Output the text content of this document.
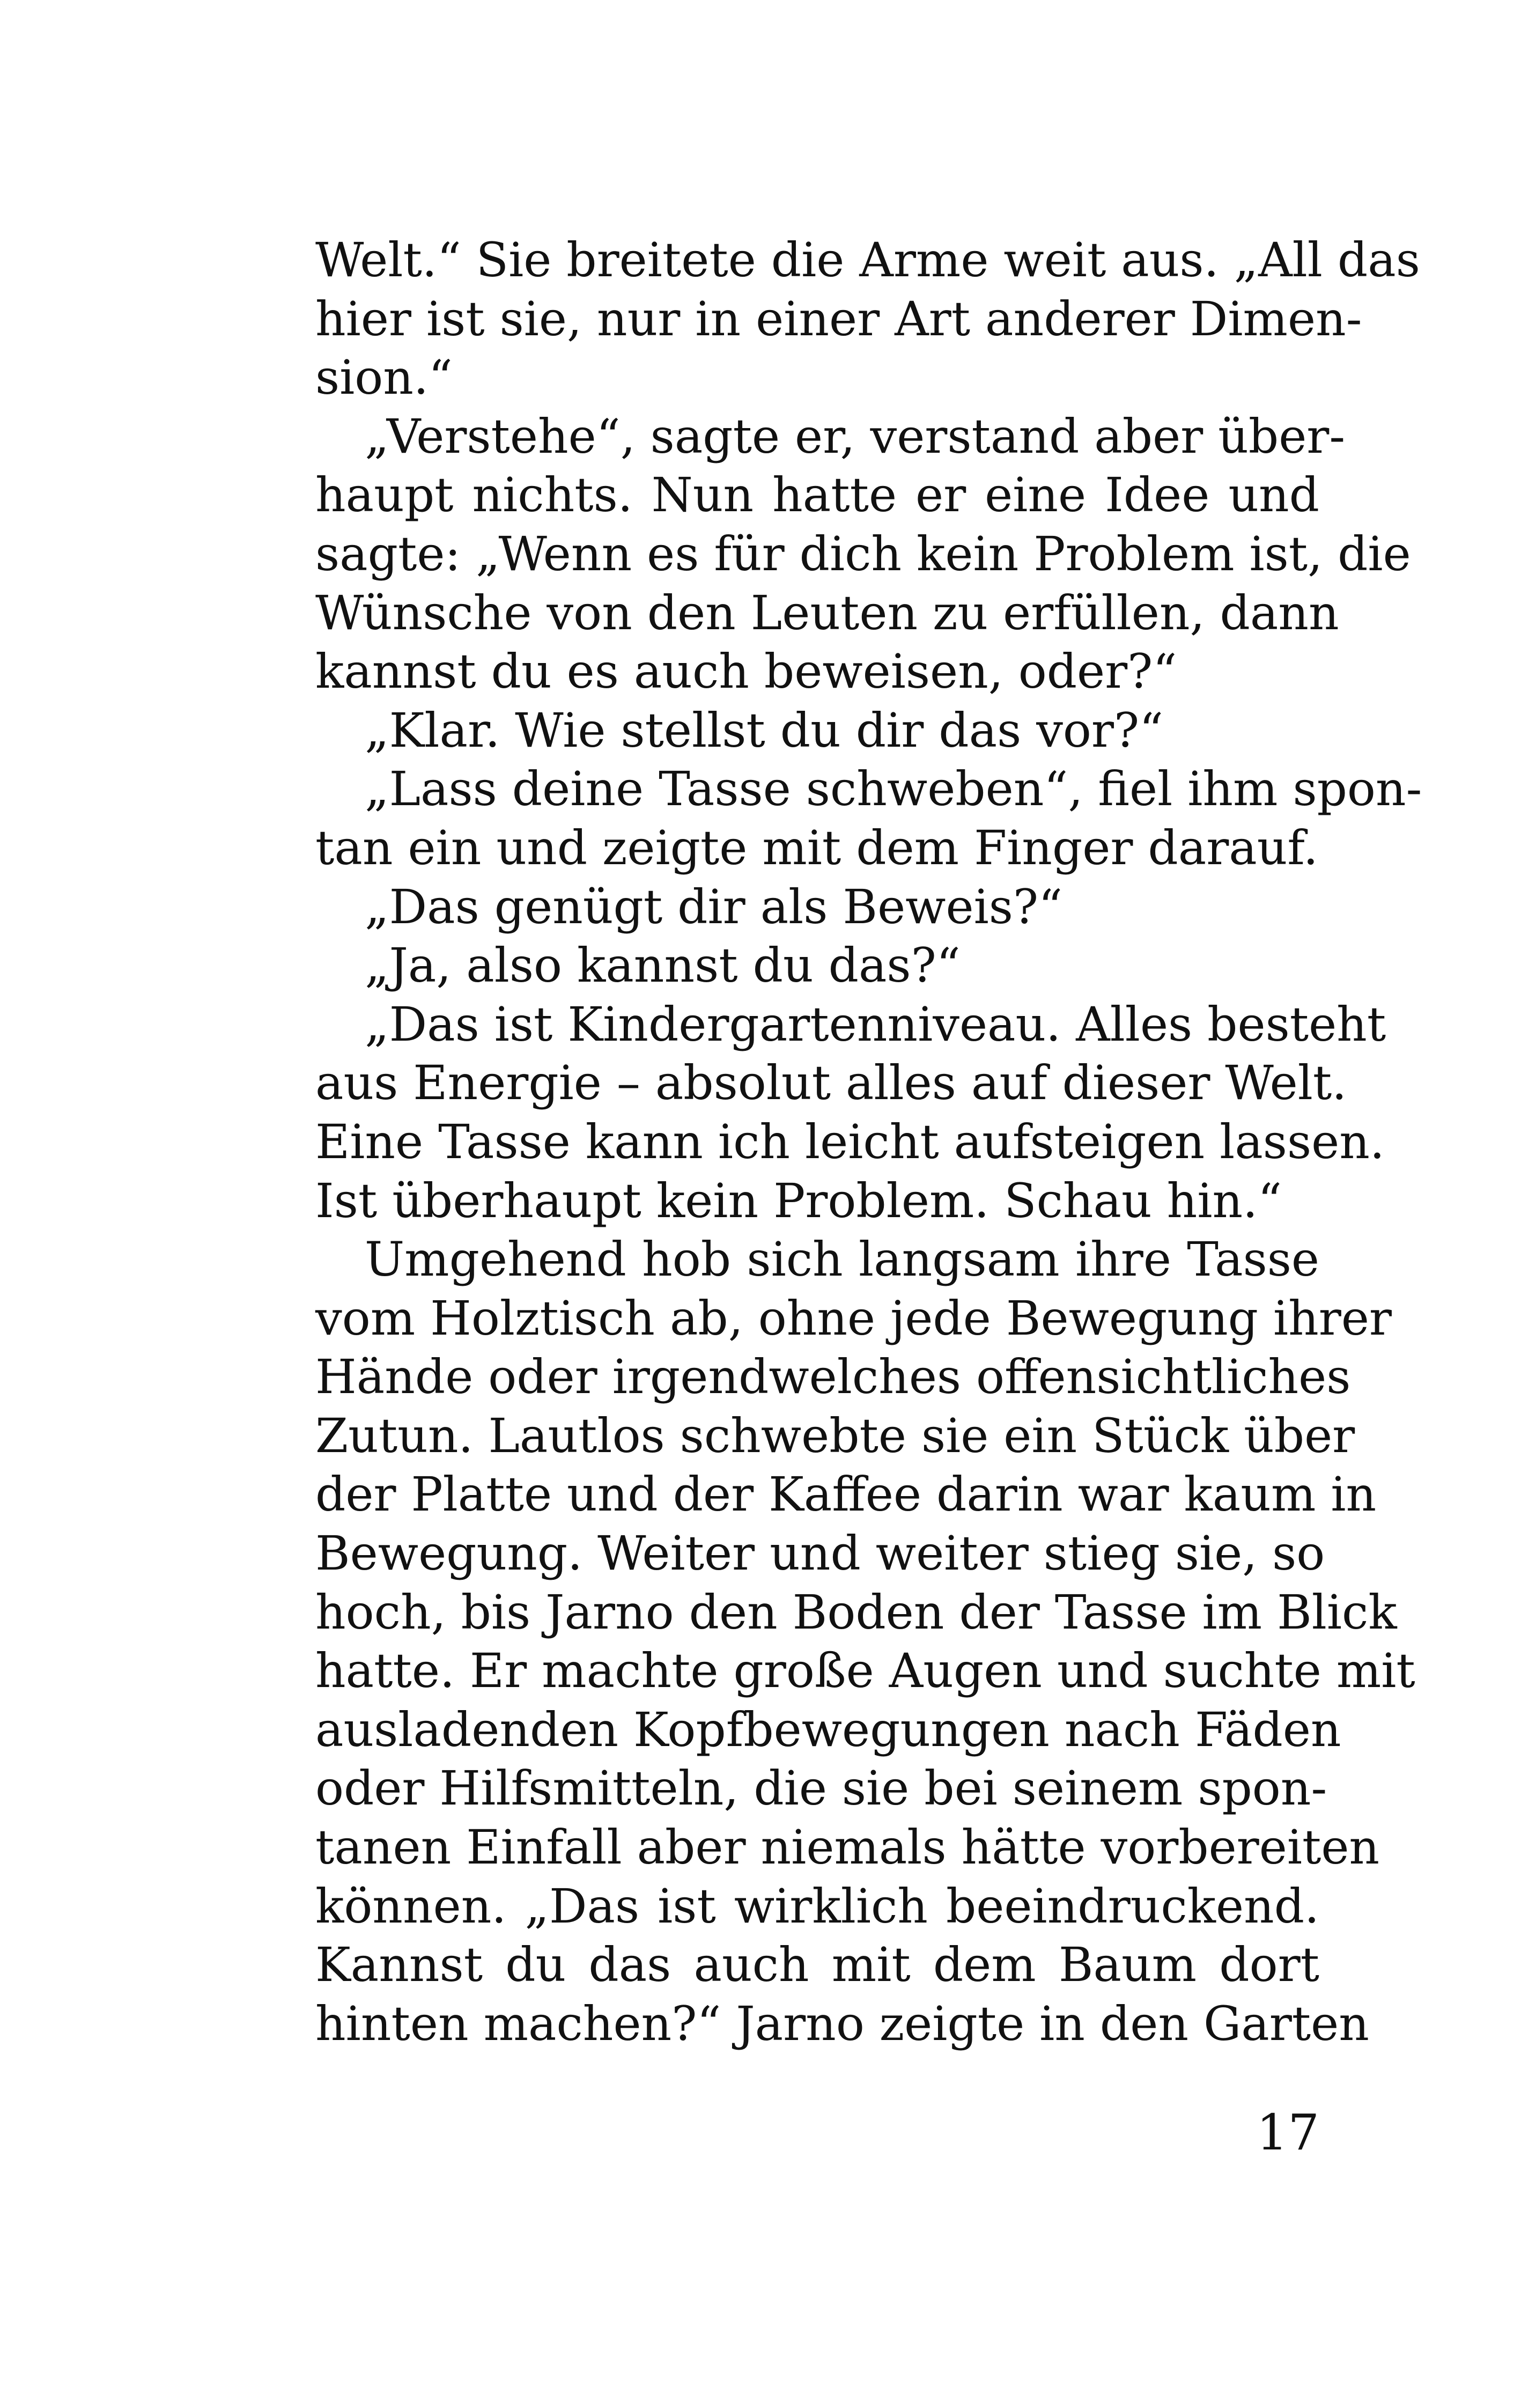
Welt.“ Sie breitete die Arme weit aus. „All das
hier ist sie, nur in einer Art anderer Dimen-
sion.“
„Verstehe“, sagte er, verstand aber über-
haupt nichts. Nun hatte er eine Idee und
sagte: „Wenn es für dich kein Problem ist, die
Wünsche von den Leuten zu erfüllen, dann
kannst du es auch beweisen, oder?“
„Klar. Wie stellst du dir das vor?“
„Lass deine Tasse schweben“, fiel ihm spon-
tan ein und zeigte mit dem Finger darauf.
„Das genügt dir als Beweis?“
„Ja, also kannst du das?“
„Das ist Kindergartenniveau. Alles besteht
aus Energie – absolut alles auf dieser Welt.
Eine Tasse kann ich leicht aufsteigen lassen.
Ist überhaupt kein Problem. Schau hin.“
Umgehend hob sich langsam ihre Tasse
vom Holztisch ab, ohne jede Bewegung ihrer
Hände oder irgendwelches offensichtliches
Zutun. Lautlos schwebte sie ein Stück über
der Platte und der Kaffee darin war kaum in
Bewegung. Weiter und weiter stieg sie, so
hoch, bis Jarno den Boden der Tasse im Blick
hatte. Er machte große Augen und suchte mit
ausladenden Kopfbewegungen nach Fäden
oder Hilfsmitteln, die sie bei seinem spon-
tanen Einfall aber niemals hätte vorbereiten
können. „Das ist wirklich beeindruckend.
Kannst du das auch mit dem Baum dort
hinten machen?“ Jarno zeigte in den Garten
17
